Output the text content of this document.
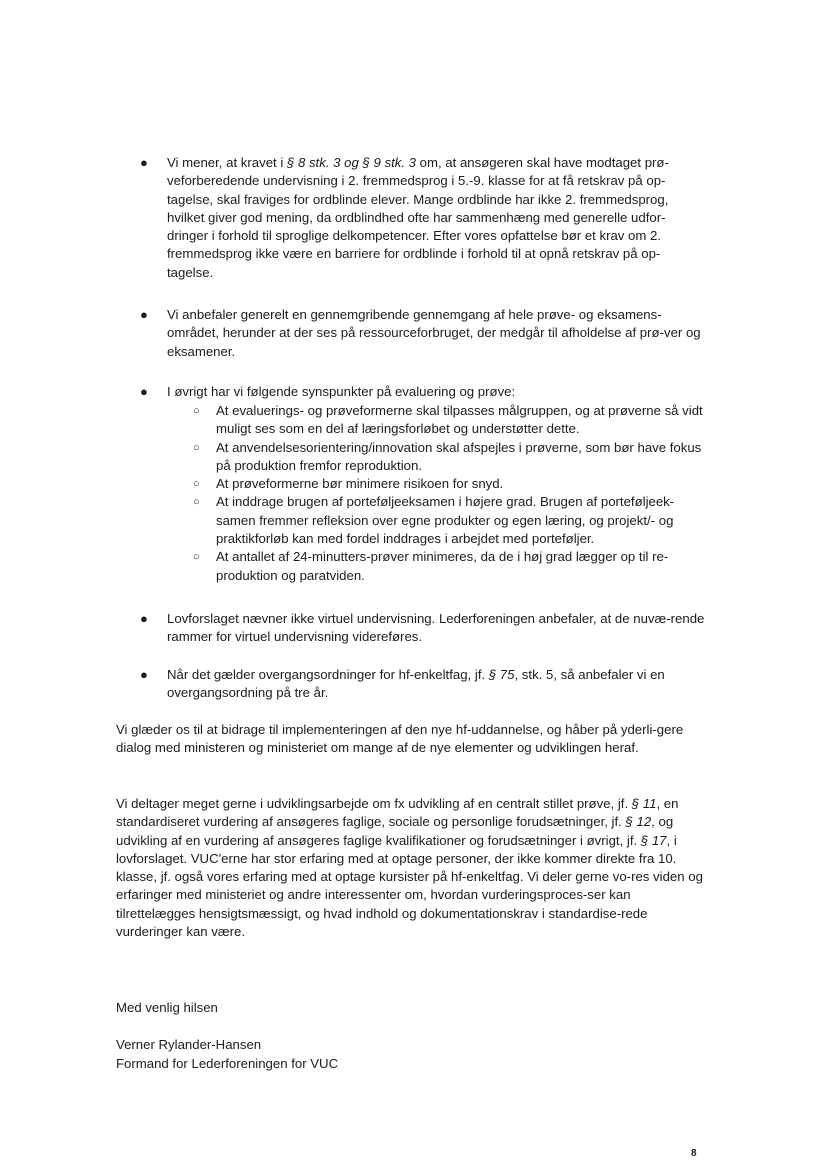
●	Vi mener, at kravet i § 8 stk. 3 og § 9 stk. 3 om, at ansøgeren skal have modtaget prø-veforberedende undervisning i 2. fremmedsprog i 5.-9. klasse for at få retskrav på op-tagelse, skal fraviges for ordblinde elever. Mange ordblinde har ikke 2. fremmedsprog, hvilket giver god mening, da ordblindhed ofte har sammenhæng med generelle udfor-dringer i forhold til sproglige delkompetencer. Efter vores opfattelse bør et krav om 2. fremmedsprog ikke være en barriere for ordblinde i forhold til at opnå retskrav på op-tagelse.
●	Vi anbefaler generelt en gennemgribende gennemgang af hele prøve- og eksamens-området, herunder at der ses på ressourceforbruget, der medgår til afholdelse af prø-ver og eksamener.
●	I øvrigt har vi følgende synspunkter på evaluering og prøve:
○ At evaluerings- og prøveformerne skal tilpasses målgruppen, og at prøverne så vidt muligt ses som en del af læringsforløbet og understøtter dette.
○ At anvendelsesorientering/innovation skal afspejles i prøverne, som bør have fokus på produktion fremfor reproduktion.
○ At prøveformerne bør minimere risikoen for snyd.
○ At inddrage brugen af porteføljeeksamen i højere grad. Brugen af porteføljeek-samen fremmer refleksion over egne produkter og egen læring, og projekt/- og praktikforløb kan med fordel inddrages i arbejdet med porteføljer.
○ At antallet af 24-minutters-prøver minimeres, da de i høj grad lægger op til re-produktion og paratviden.
●	Lovforslaget nævner ikke virtuel undervisning. Lederforeningen anbefaler, at de nuvæ-rende rammer for virtuel undervisning videreføres.
●	Når det gælder overgangsordninger for hf-enkeltfag, jf. § 75, stk. 5, så anbefaler vi en overgangsordning på tre år.

Vi glæder os til at bidrage til implementeringen af den nye hf-uddannelse, og håber på yderli-gere dialog med ministeren og ministeriet om mange af de nye elementer og udviklingen heraf.

Vi deltager meget gerne i udviklingsarbejde om fx udvikling af en centralt stillet prøve, jf. § 11, en standardiseret vurdering af ansøgeres faglige, sociale og personlige forudsætninger, jf. § 12, og udvikling af en vurdering af ansøgeres faglige kvalifikationer og forudsætninger i øvrigt, jf. § 17, i lovforslaget. VUC'erne har stor erfaring med at optage personer, der ikke kommer direkte fra 10. klasse, jf. også vores erfaring med at optage kursister på hf-enkeltfag. Vi deler gerne vo-res viden og erfaringer med ministeriet og andre interessenter om, hvordan vurderingsproces-ser kan tilrettelægges hensigtsmæssigt, og hvad indhold og dokumentationskrav i standardise-rede vurderinger kan være.

Med venlig hilsen

Verner Rylander-Hansen

Formand for Lederforeningen for VUC

8
